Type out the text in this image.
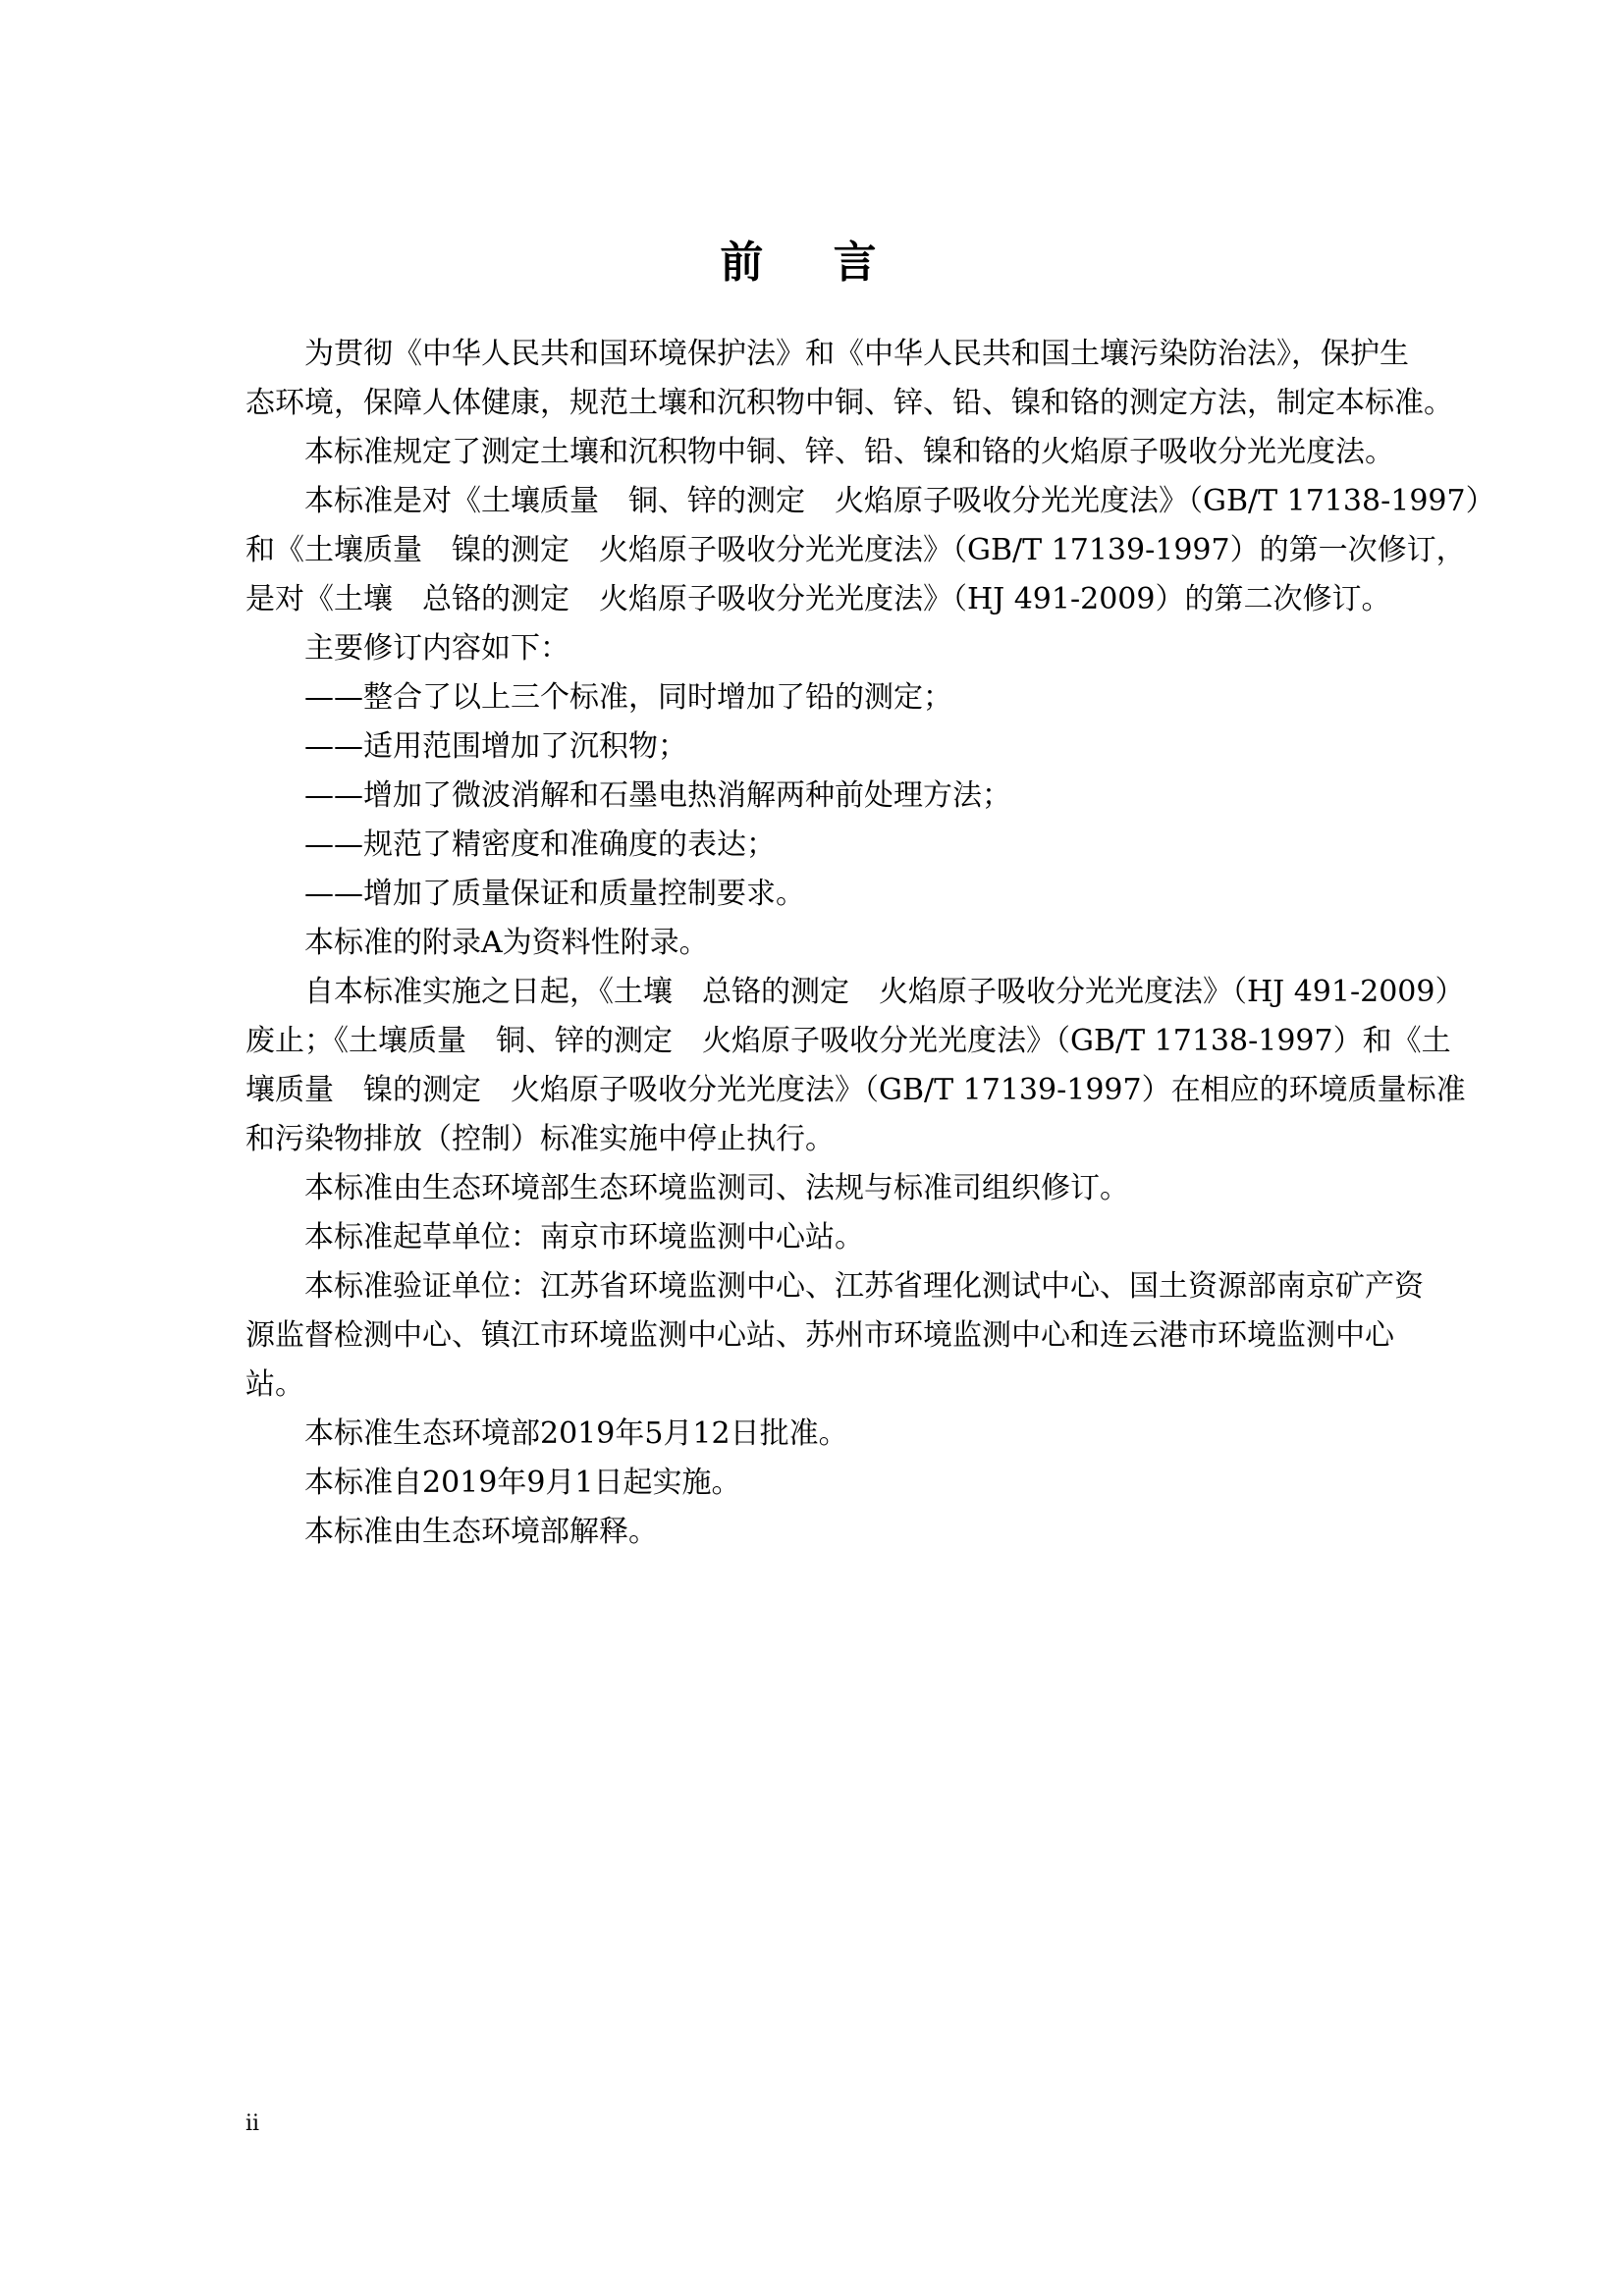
前 言
为贯彻《中华人民共和国环境保护法》和《中华人民共和国土壤污染防治法》，保护生
态环境，保障人体健康，规范土壤和沉积物中铜、锌、铅、镍和铬的测定方法，制定本标准。
本标准规定了测定土壤和沉积物中铜、锌、铅、镍和铬的火焰原子吸收分光光度法。
本标准是对《土壤质量　铜、锌的测定　火焰原子吸收分光光度法》（GB/T 17138-1997）
和《土壤质量　镍的测定　火焰原子吸收分光光度法》（GB/T 17139-1997）的第一次修订，
是对《土壤　总铬的测定　火焰原子吸收分光光度法》（HJ 491-2009）的第二次修订。
主要修订内容如下：
——整合了以上三个标准，同时增加了铅的测定；
——适用范围增加了沉积物；
——增加了微波消解和石墨电热消解两种前处理方法；
——规范了精密度和准确度的表达；
——增加了质量保证和质量控制要求。
本标准的附录A为资料性附录。
自本标准实施之日起，《土壤　总铬的测定　火焰原子吸收分光光度法》（HJ 491-2009）
废止；《土壤质量　铜、锌的测定　火焰原子吸收分光光度法》（GB/T 17138-1997）和《土
壤质量　镍的测定　火焰原子吸收分光光度法》（GB/T 17139-1997）在相应的环境质量标准
和污染物排放（控制）标准实施中停止执行。
本标准由生态环境部生态环境监测司、法规与标准司组织修订。
本标准起草单位：南京市环境监测中心站。
本标准验证单位：江苏省环境监测中心、江苏省理化测试中心、国土资源部南京矿产资
源监督检测中心、镇江市环境监测中心站、苏州市环境监测中心和连云港市环境监测中心
站。
本标准生态环境部2019年5月12日批准。
本标准自2019年9月1日起实施。
本标准由生态环境部解释。
ii
